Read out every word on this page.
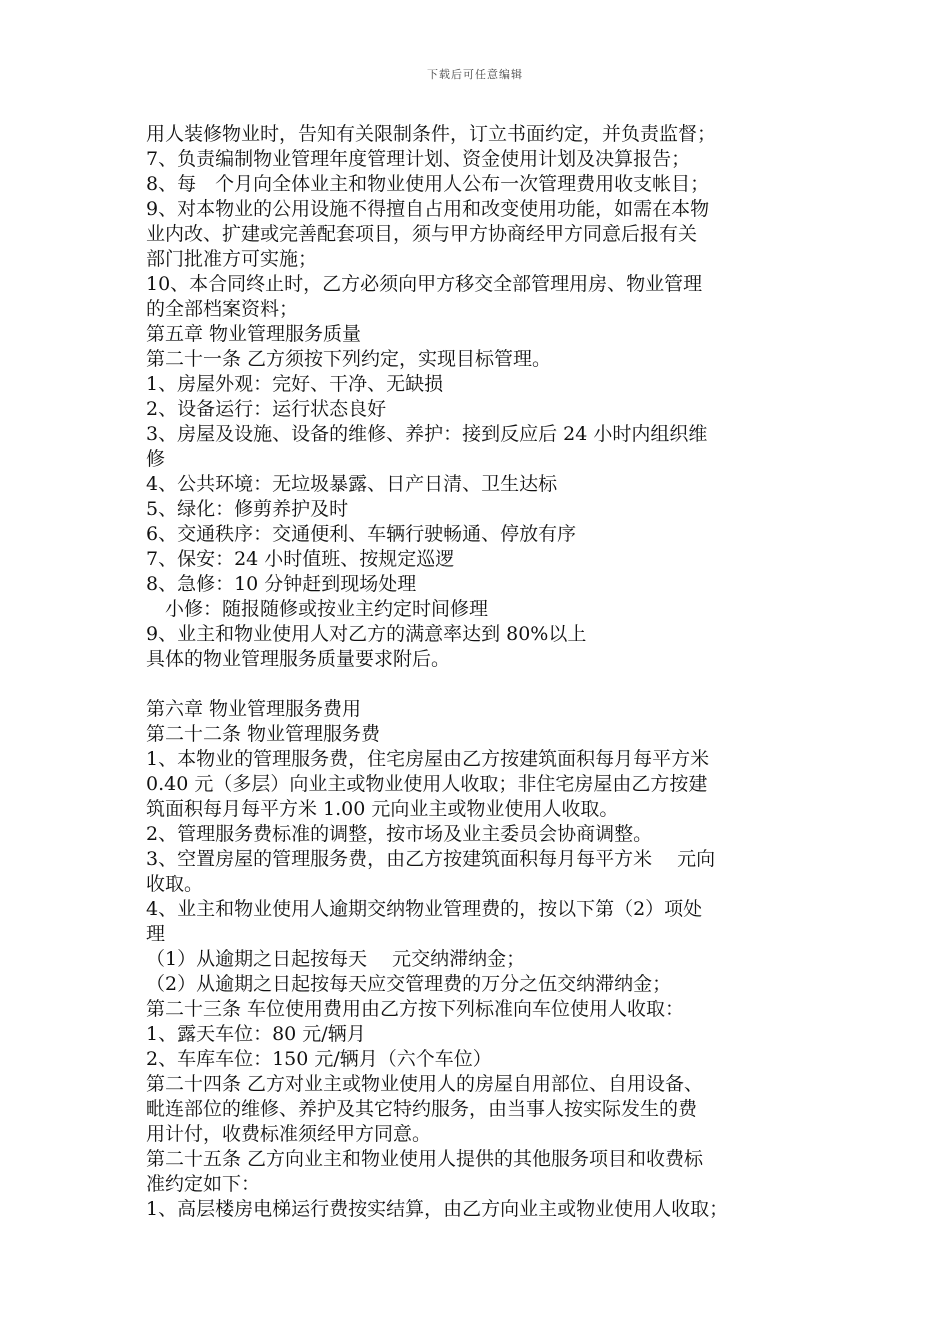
下载后可任意编辑
用人装修物业时，告知有关限制条件，订立书面约定，并负责监督；
7、负责编制物业管理年度管理计划、资金使用计划及决算报告；
8、每　个月向全体业主和物业使用人公布一次管理费用收支帐目；
9、对本物业的公用设施不得擅自占用和改变使用功能，如需在本物
业内改、扩建或完善配套项目，须与甲方协商经甲方同意后报有关
部门批准方可实施；
10、本合同终止时，乙方必须向甲方移交全部管理用房、物业管理
的全部档案资料；
第五章 物业管理服务质量
第二十一条 乙方须按下列约定，实现目标管理。
1、房屋外观：完好、干净、无缺损
2、设备运行：运行状态良好
3、房屋及设施、设备的维修、养护：接到反应后 24 小时内组织维
修
4、公共环境：无垃圾暴露、日产日清、卫生达标
5、绿化：修剪养护及时
6、交通秩序：交通便利、车辆行驶畅通、停放有序
7、保安：24 小时值班、按规定巡逻
8、急修：10 分钟赶到现场处理
　小修：随报随修或按业主约定时间修理
9、业主和物业使用人对乙方的满意率达到 80%以上
具体的物业管理服务质量要求附后。
第六章 物业管理服务费用
第二十二条 物业管理服务费
1、本物业的管理服务费，住宅房屋由乙方按建筑面积每月每平方米
0.40 元（多层）向业主或物业使用人收取；非住宅房屋由乙方按建
筑面积每月每平方米 1.00 元向业主或物业使用人收取。
2、管理服务费标准的调整，按市场及业主委员会协商调整。
3、空置房屋的管理服务费，由乙方按建筑面积每月每平方米　 元向
收取。
4、业主和物业使用人逾期交纳物业管理费的，按以下第（2）项处
理
（1）从逾期之日起按每天　 元交纳滞纳金；
（2）从逾期之日起按每天应交管理费的万分之伍交纳滞纳金；
第二十三条 车位使用费用由乙方按下列标准向车位使用人收取：
1、露天车位：80 元/辆月
2、车库车位：150 元/辆月（六个车位）
第二十四条 乙方对业主或物业使用人的房屋自用部位、自用设备、
毗连部位的维修、养护及其它特约服务，由当事人按实际发生的费
用计付，收费标准须经甲方同意。
第二十五条 乙方向业主和物业使用人提供的其他服务项目和收费标
准约定如下：
1、高层楼房电梯运行费按实结算，由乙方向业主或物业使用人收取；
